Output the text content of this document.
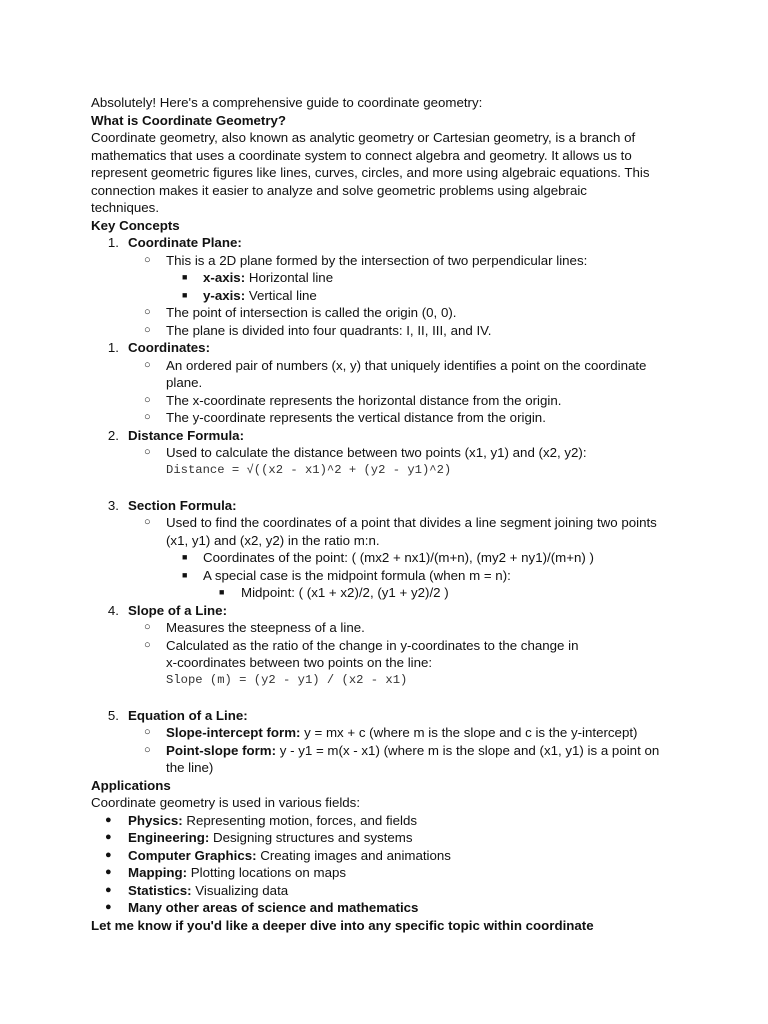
Absolutely! Here's a comprehensive guide to coordinate geometry:
What is Coordinate Geometry?
Coordinate geometry, also known as analytic geometry or Cartesian geometry, is a branch of
mathematics that uses a coordinate system to connect algebra and geometry. It allows us to
represent geometric figures like lines, curves, circles, and more using algebraic equations. This
connection makes it easier to analyze and solve geometric problems using algebraic
techniques.
Key Concepts
1. Coordinate Plane:
○ This is a 2D plane formed by the intersection of two perpendicular lines:
■ x-axis: Horizontal line
■ y-axis: Vertical line
○ The point of intersection is called the origin (0, 0).
○ The plane is divided into four quadrants: I, II, III, and IV.
1. Coordinates:
○ An ordered pair of numbers (x, y) that uniquely identifies a point on the coordinate
plane.
○ The x-coordinate represents the horizontal distance from the origin.
○ The y-coordinate represents the vertical distance from the origin.
2. Distance Formula:
○ Used to calculate the distance between two points (x1, y1) and (x2, y2):
Distance = √((x2 - x1)^2 + (y2 - y1)^2)
3. Section Formula:
○ Used to find the coordinates of a point that divides a line segment joining two points
(x1, y1) and (x2, y2) in the ratio m:n.
■ Coordinates of the point: ( (mx2 + nx1)/(m+n), (my2 + ny1)/(m+n) )
■ A special case is the midpoint formula (when m = n):
■ Midpoint: ( (x1 + x2)/2, (y1 + y2)/2 )
4. Slope of a Line:
○ Measures the steepness of a line.
○ Calculated as the ratio of the change in y-coordinates to the change in
x-coordinates between two points on the line:
Slope (m) = (y2 - y1) / (x2 - x1)
5. Equation of a Line:
○ Slope-intercept form: y = mx + c (where m is the slope and c is the y-intercept)
○ Point-slope form: y - y1 = m(x - x1) (where m is the slope and (x1, y1) is a point on
the line)
Applications
Coordinate geometry is used in various fields:
● Physics: Representing motion, forces, and fields
● Engineering: Designing structures and systems
● Computer Graphics: Creating images and animations
● Mapping: Plotting locations on maps
● Statistics: Visualizing data
● Many other areas of science and mathematics
Let me know if you'd like a deeper dive into any specific topic within coordinate
